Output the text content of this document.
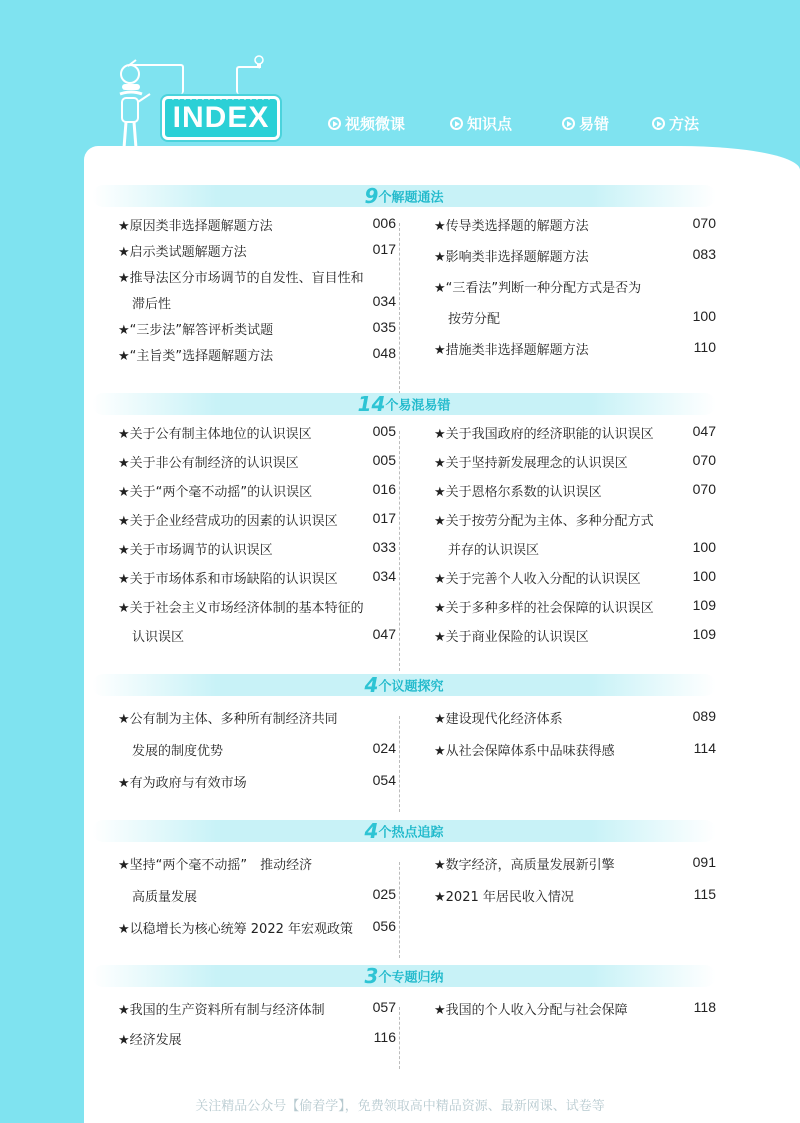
INDEX	视频微课	知识点	易错	方法
9个解题通法
★原因类非选择题解题方法	006
★启示类试题解题方法	017
★推导法区分市场调节的自发性、盲目性和
滞后性	034
★“三步法”解答评析类试题	035
★“主旨类”选择题解题方法	048
★传导类选择题的解题方法	070
★影响类非选择题解题方法	083
★“三看法”判断一种分配方式是否为
按劳分配	100
★措施类非选择题解题方法	110
14个易混易错
★关于公有制主体地位的认识误区	005
★关于非公有制经济的认识误区	005
★关于“两个毫不动摇”的认识误区	016
★关于企业经营成功的因素的认识误区 017
★关于市场调节的认识误区	033
★关于市场体系和市场缺陷的认识误区 034
★关于社会主义市场经济体制的基本特征的
认识误区	047
★关于我国政府的经济职能的认识误区	047
★关于坚持新发展理念的认识误区	070
★关于恩格尔系数的认识误区	070
★关于按劳分配为主体、多种分配方式
并存的认识误区	100
★关于完善个人收入分配的认识误区	100
★关于多种多样的社会保障的认识误区	109
★关于商业保险的认识误区	109
4个议题探究
★公有制为主体、多种所有制经济共同
发展的制度优势	024
★有为政府与有效市场	054
★建设现代化经济体系	089
★从社会保障体系中品味获得感	114
4个热点追踪
★坚持“两个毫不动摇”　推动经济
高质量发展	025
★以稳增长为核心统筹 2022 年宏观政策 056
★数字经济，高质量发展新引擎	091
★2021 年居民收入情况	115
3个专题归纳
★我国的生产资料所有制与经济体制	057
★经济发展	116
★我国的个人收入分配与社会保障	118
关注精品公众号【偷着学】，免费领取高中精品资源、最新网课、试卷等
